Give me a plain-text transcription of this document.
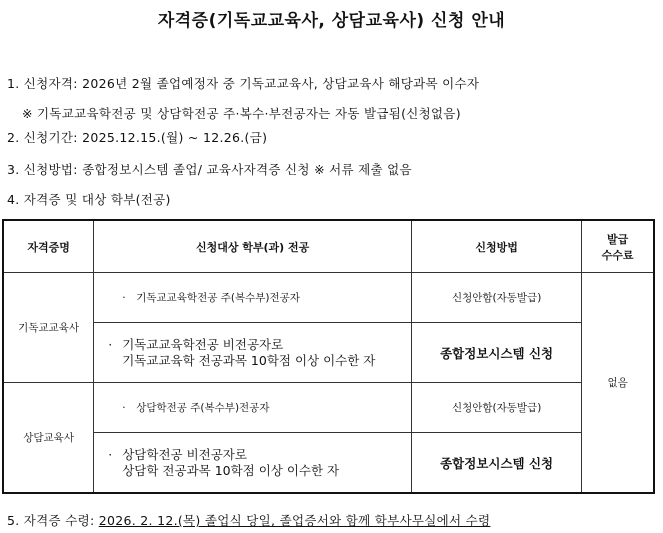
자격증(기독교교육사, 상담교육사) 신청 안내
1. 신청자격: 2026년 2월 졸업예정자 중 기독교교육사, 상담교육사 해당과목 이수자
※ 기독교교육학전공 및 상담학전공 주·복수·부전공자는 자동 발급됨(신청없음)
2. 신청기간: 2025.12.15.(월) ~ 12.26.(금)
3. 신청방법: 종합정보시스템 졸업/ 교육사자격증 신청 ※ 서류 제출 없음
4. 자격증 및 대상 학부(전공)
자격증명	신청대상 학부(과) 전공	신청방법	발급
수수료

기독교교육사	· 기독교교육학전공 주(복수부)전공자	신청안함(자동발급)	없음
	· 기독교교육학전공 비전공자로
기독교교육학 전공과목 10학점 이상 이수한 자	종합정보시스템 신청	
상담교육사	· 상담학전공 주(복수부)전공자	신청안함(자동발급)	
	· 상담학전공 비전공자로
상담학 전공과목 10학점 이상 이수한 자	종합정보시스템 신청	
5. 자격증 수령: 2026. 2. 12.(목) 졸업식 당일, 졸업증서와 함께 학부사무실에서 수령
